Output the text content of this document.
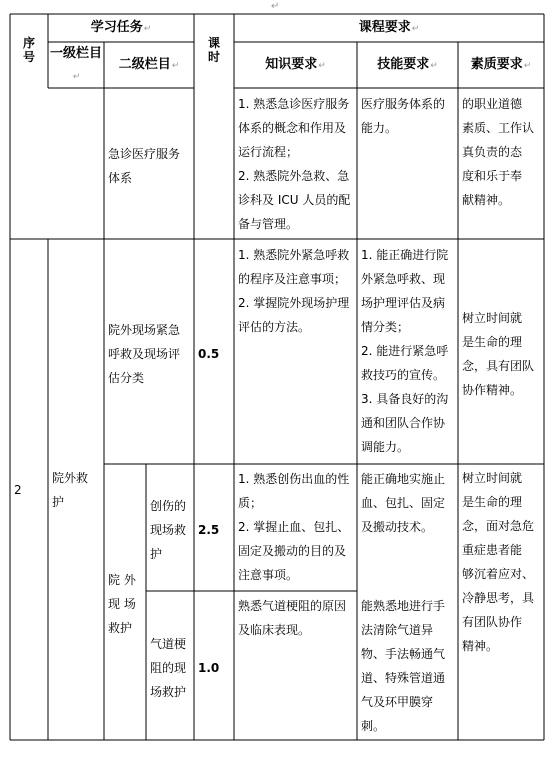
↵
序
号
学习任务↵
一级栏目↵
二级栏目↵
课
时
课程要求↵
知识要求↵	技能要求↵	素质要求↵
急诊医疗服务
体系
1. 熟悉急诊医疗服务
体系的概念和作用及
运行流程；
2. 熟悉院外急救、急
诊科及 ICU 人员的配
备与管理。
医疗服务体系的
能力。
的职业道德
素质、工作认
真负责的态
度和乐于奉
献精神。
2
院外救
护
院外现场紧急
呼救及现场评
估分类
0.5
1. 熟悉院外紧急呼救
的程序及注意事项；
2. 掌握院外现场护理
评估的方法。
1. 能正确进行院
外紧急呼救、现
场护理评估及病
情分类；
2. 能进行紧急呼
救技巧的宣传。
3. 具备良好的沟
通和团队合作协
调能力。
树立时间就
是生命的理
念，具有团队
协作精神。
院 外
现 场
救护
树立时间就
是生命的理
念，面对急危
重症患者能
够沉着应对、
冷静思考，具
有团队协作
精神。
创伤的
现场救
护
2.5
1. 熟悉创伤出血的性
质；
2. 掌握止血、包扎、
固定及搬动的目的及
注意事项。
能正确地实施止
血、包扎、固定
及搬动技术。
气道梗
阻的现
场救护
1.0
熟悉气道梗阻的原因
及临床表现。
能熟悉地进行手
法清除气道异
物、手法畅通气
道、特殊管道通
气及环甲膜穿
刺。
